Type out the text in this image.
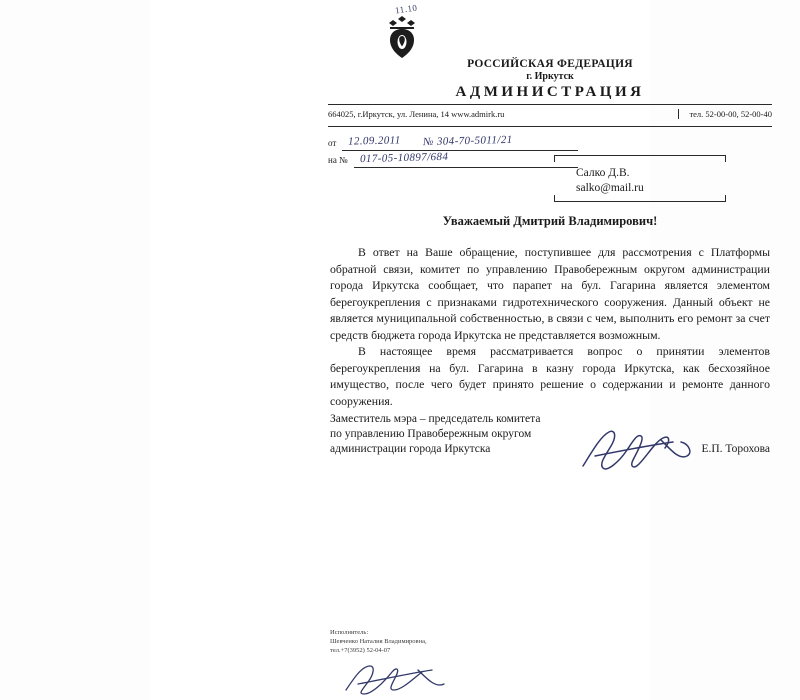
11.10
РОССИЙСКАЯ ФЕДЕРАЦИЯ
г. Иркутск
АДМИНИСТРАЦИЯ
664025, г.Иркутск, ул. Ленина, 14 www.admirk.ru	тел. 52-00-00, 52-00-40
от 12.09.2011 № 304-70-5011/21
на № 017-05-10897/684
Салко Д.В.
salko@mail.ru
Уважаемый Дмитрий Владимирович!

В ответ на Ваше обращение, поступившее для рассмотрения с Платформы обратной связи, комитет по управлению Правобережным округом администрации города Иркутска сообщает, что парапет на бул. Гагарина является элементом берегоукрепления с признаками гидротехнического сооружения. Данный объект не является муниципальной собственностью, в связи с чем, выполнить его ремонт за счет средств бюджета города Иркутска не представляется возможным.

В настоящее время рассматривается вопрос о принятии элементов берегоукрепления на бул. Гагарина в казну города Иркутска, как бесхозяйное имущество, после чего будет принято решение о содержании и ремонте данного сооружения.

Заместитель мэра – председатель комитета
по управлению Правобережным округом
администрации города Иркутска	Е.П. Торохова
Исполнитель:
Шевченко Наталия Владимировна,
тел.+7(3952) 52-04-07
